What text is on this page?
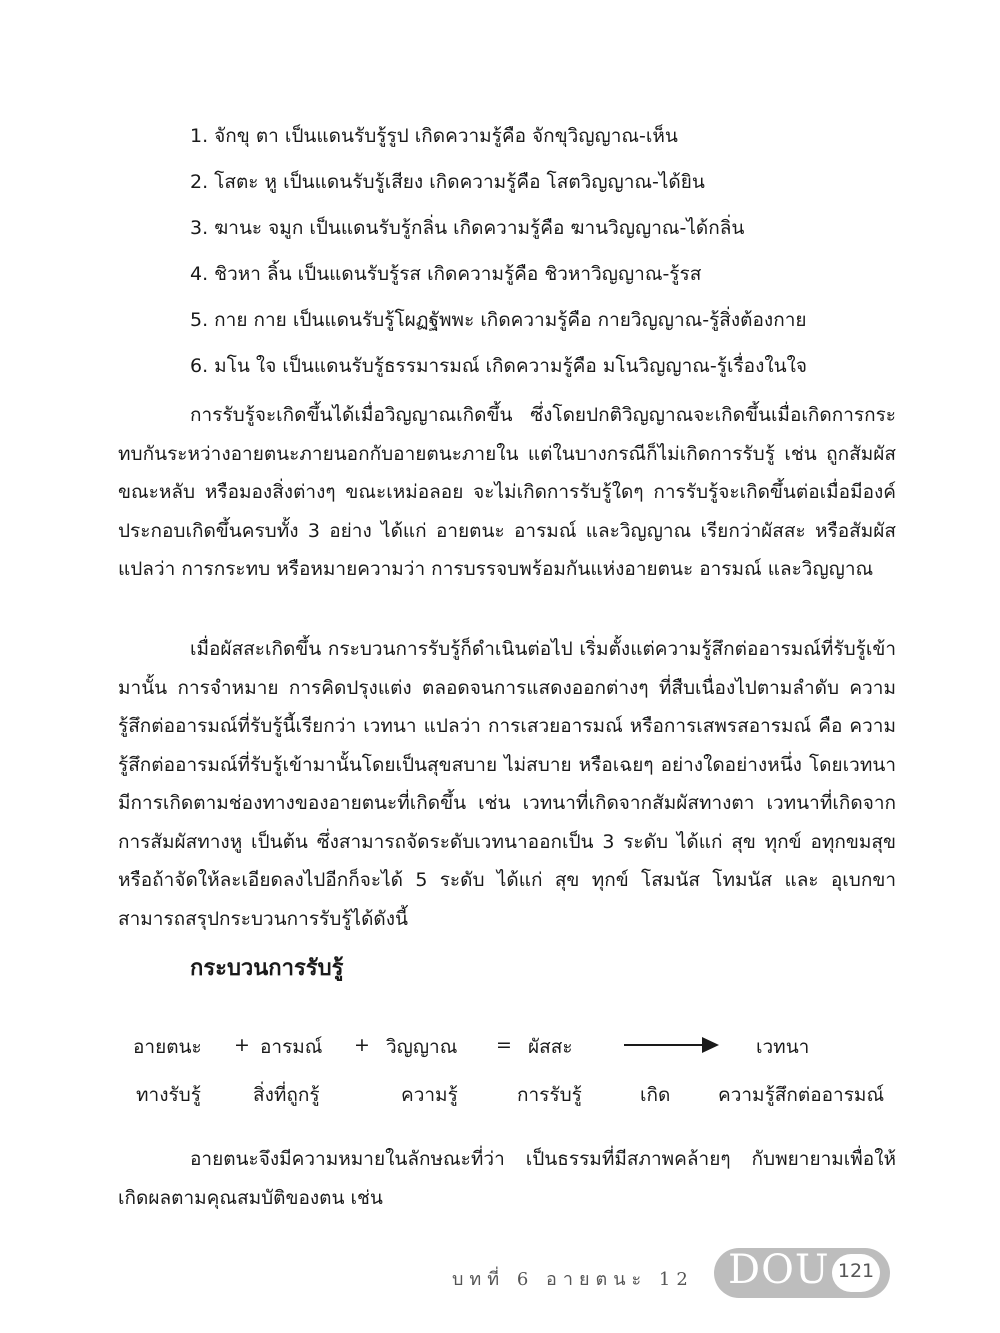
1. จักขุ ตา เป็นแดนรับรู้รูป เกิดความรู้คือ จักขุวิญญาณ-เห็น
2. โสตะ หู เป็นแดนรับรู้เสียง เกิดความรู้คือ โสตวิญญาณ-ได้ยิน
3. ฆานะ จมูก เป็นแดนรับรู้กลิ่น เกิดความรู้คือ ฆานวิญญาณ-ได้กลิ่น
4. ชิวหา ลิ้น เป็นแดนรับรู้รส เกิดความรู้คือ ชิวหาวิญญาณ-รู้รส
5. กาย กาย เป็นแดนรับรู้โผฏฐัพพะ เกิดความรู้คือ กายวิญญาณ-รู้สิ่งต้องกาย
6. มโน ใจ เป็นแดนรับรู้ธรรมารมณ์ เกิดความรู้คือ มโนวิญญาณ-รู้เรื่องในใจ

การรับรู้จะเกิดขึ้นได้เมื่อวิญญาณเกิดขึ้น ซึ่งโดยปกติวิญญาณจะเกิดขึ้นเมื่อเกิดการกระทบกันระหว่างอายตนะภายนอกกับอายตนะภายใน แต่ในบางกรณีก็ไม่เกิดการรับรู้ เช่น ถูกสัมผัสขณะหลับ หรือมองสิ่งต่างๆ ขณะเหม่อลอย จะไม่เกิดการรับรู้ใดๆ การรับรู้จะเกิดขึ้นต่อเมื่อมีองค์ประกอบเกิดขึ้นครบทั้ง 3 อย่าง ได้แก่ อายตนะ อารมณ์ และวิญญาณ เรียกว่าผัสสะ หรือสัมผัส แปลว่า การกระทบ หรือหมายความว่า การบรรจบพร้อมกันแห่งอายตนะ อารมณ์ และวิญญาณ

เมื่อผัสสะเกิดขึ้น กระบวนการรับรู้ก็ดำเนินต่อไป เริ่มตั้งแต่ความรู้สึกต่ออารมณ์ที่รับรู้เข้ามานั้น การจำหมาย การคิดปรุงแต่ง ตลอดจนการแสดงออกต่างๆ ที่สืบเนื่องไปตามลำดับ ความรู้สึกต่ออารมณ์ที่รับรู้นี้เรียกว่า เวทนา แปลว่า การเสวยอารมณ์ หรือการเสพรสอารมณ์ คือ ความรู้สึกต่ออารมณ์ที่รับรู้เข้ามานั้นโดยเป็นสุขสบาย ไม่สบาย หรือเฉยๆ อย่างใดอย่างหนึ่ง โดยเวทนามีการเกิดตามช่องทางของอายตนะที่เกิดขึ้น เช่น เวทนาที่เกิดจากสัมผัสทางตา เวทนาที่เกิดจากการสัมผัสทางหู เป็นต้น ซึ่งสามารถจัดระดับเวทนาออกเป็น 3 ระดับ ได้แก่ สุข ทุกข์ อทุกขมสุข หรือถ้าจัดให้ละเอียดลงไปอีกก็จะได้ 5 ระดับ ได้แก่ สุข ทุกข์ โสมนัส โทมนัส และ อุเบกขา สามารถสรุปกระบวนการรับรู้ได้ดังนี้

กระบวนการรับรู้
อายตนะ + อารมณ์ + วิญญาณ = ผัสสะ	เวทนา
ทางรับรู้	สิ่งที่ถูกรู้	ความรู้	การรับรู้	เกิด	ความรู้สึกต่ออารมณ์

อายตนะจึงมีความหมายในลักษณะที่ว่า เป็นธรรมที่มีสภาพคล้ายๆ กับพยายามเพื่อให้เกิดผลตามคุณสมบัติของตน เช่น

บทที่ 6 อายตนะ 12 DOU 121
